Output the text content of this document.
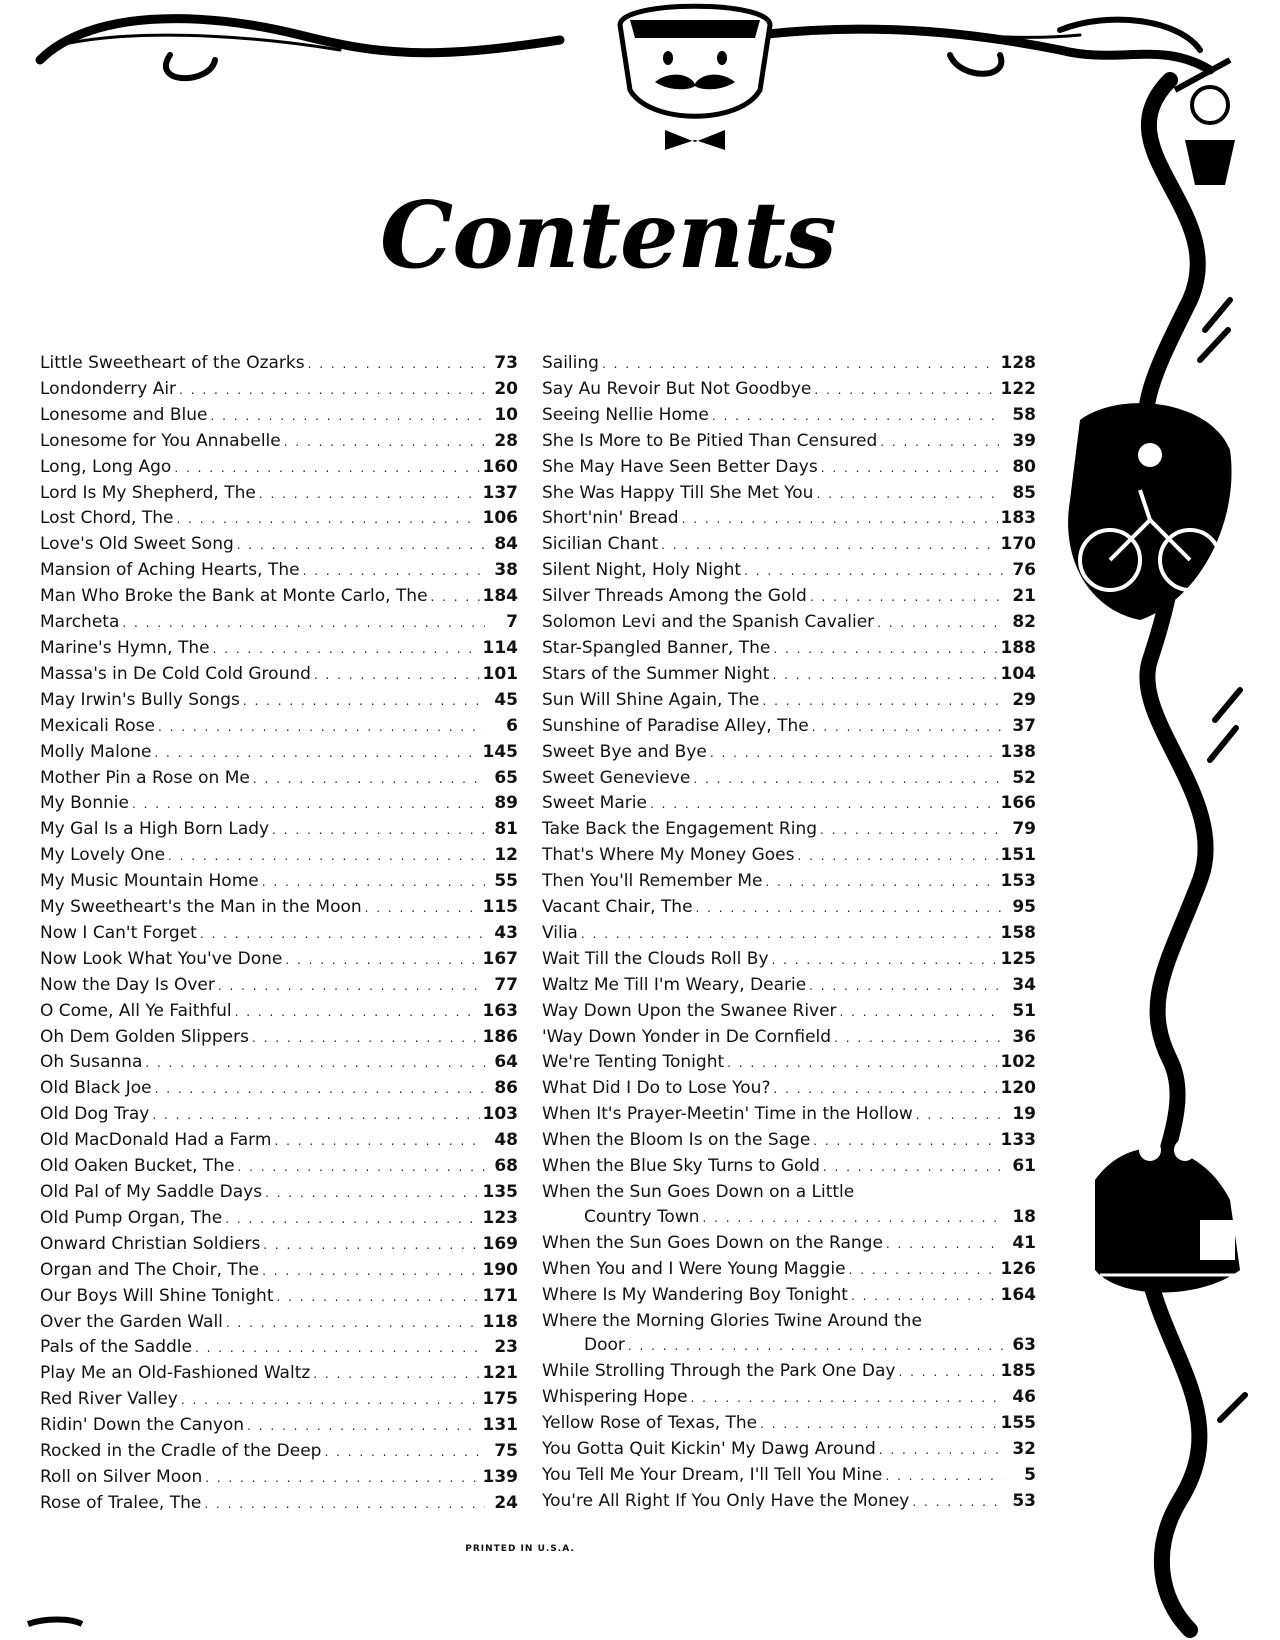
Contents
Little Sweetheart of the Ozarks . . .	73
Londonderry Air . . .	20
Lonesome and Blue . . .	10
Lonesome for You Annabelle . . .	28
Long, Long Ago . . .	160
Lord Is My Shepherd, The . . .	137
Lost Chord, The . . .	106
Love's Old Sweet Song . . .	84
Mansion of Aching Hearts, The . . .	38
Man Who Broke the Bank at Monte Carlo, The . . .	184
Marcheta . . .	7
Marine's Hymn, The . . .	114
Massa's in De Cold Cold Ground . . .	101
May Irwin's Bully Songs . . .	45
Mexicali Rose . . .	6
Molly Malone . . .	145
Mother Pin a Rose on Me . . .	65
My Bonnie . . .	89
My Gal Is a High Born Lady . . .	81
My Lovely One . . .	12
My Music Mountain Home . . .	55
My Sweetheart's the Man in the Moon . . .	115
Now I Can't Forget . . .	43
Now Look What You've Done . . .	167
Now the Day Is Over . . .	77
O Come, All Ye Faithful . . .	163
Oh Dem Golden Slippers . . .	186
Oh Susanna . . .	64
Old Black Joe . . .	86
Old Dog Tray . . .	103
Old MacDonald Had a Farm . . .	48
Old Oaken Bucket, The . . .	68
Old Pal of My Saddle Days . . .	135
Old Pump Organ, The . . .	123
Onward Christian Soldiers . . .	169
Organ and The Choir, The . . .	190
Our Boys Will Shine Tonight . . .	171
Over the Garden Wall . . .	118
Pals of the Saddle . . .	23
Play Me an Old-Fashioned Waltz . . .	121
Red River Valley . . .	175
Ridin' Down the Canyon . . .	131
Rocked in the Cradle of the Deep . . .	75
Roll on Silver Moon . . .	139
Rose of Tralee, The . . .	24
Sailing . . .	128
Say Au Revoir But Not Goodbye . . .	122
Seeing Nellie Home . . .	58
She Is More to Be Pitied Than Censured . . .	39
She May Have Seen Better Days . . .	80
She Was Happy Till She Met You . . .	85
Short'nin' Bread . . .	183
Sicilian Chant . . .	170
Silent Night, Holy Night . . .	76
Silver Threads Among the Gold . . .	21
Solomon Levi and the Spanish Cavalier . . .	82
Star-Spangled Banner, The . . .	188
Stars of the Summer Night . . .	104
Sun Will Shine Again, The . . .	29
Sunshine of Paradise Alley, The . . .	37
Sweet Bye and Bye . . .	138
Sweet Genevieve . . .	52
Sweet Marie . . .	166
Take Back the Engagement Ring . . .	79
That's Where My Money Goes . . .	151
Then You'll Remember Me . . .	153
Vacant Chair, The . . .	95
Vilia . . .	158
Wait Till the Clouds Roll By . . .	125
Waltz Me Till I'm Weary, Dearie . . .	34
Way Down Upon the Swanee River . . .	51
'Way Down Yonder in De Cornfield . . .	36
We're Tenting Tonight . . .	102
What Did I Do to Lose You? . . .	120
When It's Prayer-Meetin' Time in the Hollow . . .	19
When the Bloom Is on the Sage . . .	133
When the Blue Sky Turns to Gold . . .	61
When the Sun Goes Down on a Little
Country Town . . .	18
When the Sun Goes Down on the Range . . .	41
When You and I Were Young Maggie . . .	126
Where Is My Wandering Boy Tonight . . .	164
Where the Morning Glories Twine Around the
Door . . .	63
While Strolling Through the Park One Day . . .	185
Whispering Hope . . .	46
Yellow Rose of Texas, The . . .	155
You Gotta Quit Kickin' My Dawg Around . . .	32
You Tell Me Your Dream, I'll Tell You Mine . . .	5
You're All Right If You Only Have the Money . . .	53
PRINTED IN U.S.A.
